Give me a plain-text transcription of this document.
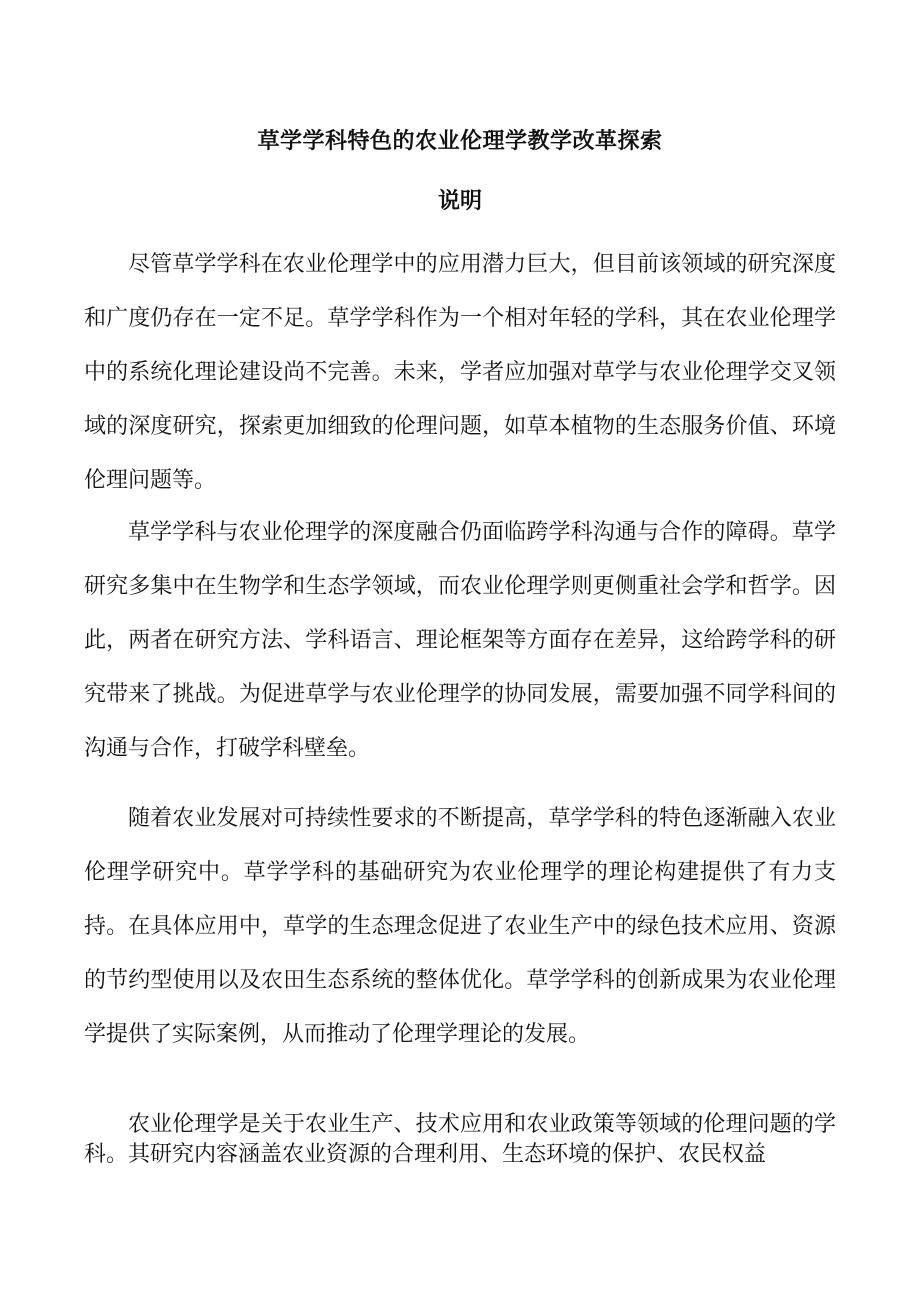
草学学科特色的农业伦理学教学改革探索
说明

尽管草学学科在农业伦理学中的应用潜力巨大，但目前该领域的研究深度和广度仍存在一定不足。草学学科作为一个相对年轻的学科，其在农业伦理学中的系统化理论建设尚不完善。未来，学者应加强对草学与农业伦理学交叉领域的深度研究，探索更加细致的伦理问题，如草本植物的生态服务价值、环境伦理问题等。

草学学科与农业伦理学的深度融合仍面临跨学科沟通与合作的障碍。草学研究多集中在生物学和生态学领域，而农业伦理学则更侧重社会学和哲学。因此，两者在研究方法、学科语言、理论框架等方面存在差异，这给跨学科的研究带来了挑战。为促进草学与农业伦理学的协同发展，需要加强不同学科间的沟通与合作，打破学科壁垒。

随着农业发展对可持续性要求的不断提高，草学学科的特色逐渐融入农业伦理学研究中。草学学科的基础研究为农业伦理学的理论构建提供了有力支持。在具体应用中，草学的生态理念促进了农业生产中的绿色技术应用、资源的节约型使用以及农田生态系统的整体优化。草学学科的创新成果为农业伦理学提供了实际案例，从而推动了伦理学理论的发展。

农业伦理学是关于农业生产、技术应用和农业政策等领域的伦理问题的学科。其研究内容涵盖农业资源的合理利用、生态环境的保护、农民权益
